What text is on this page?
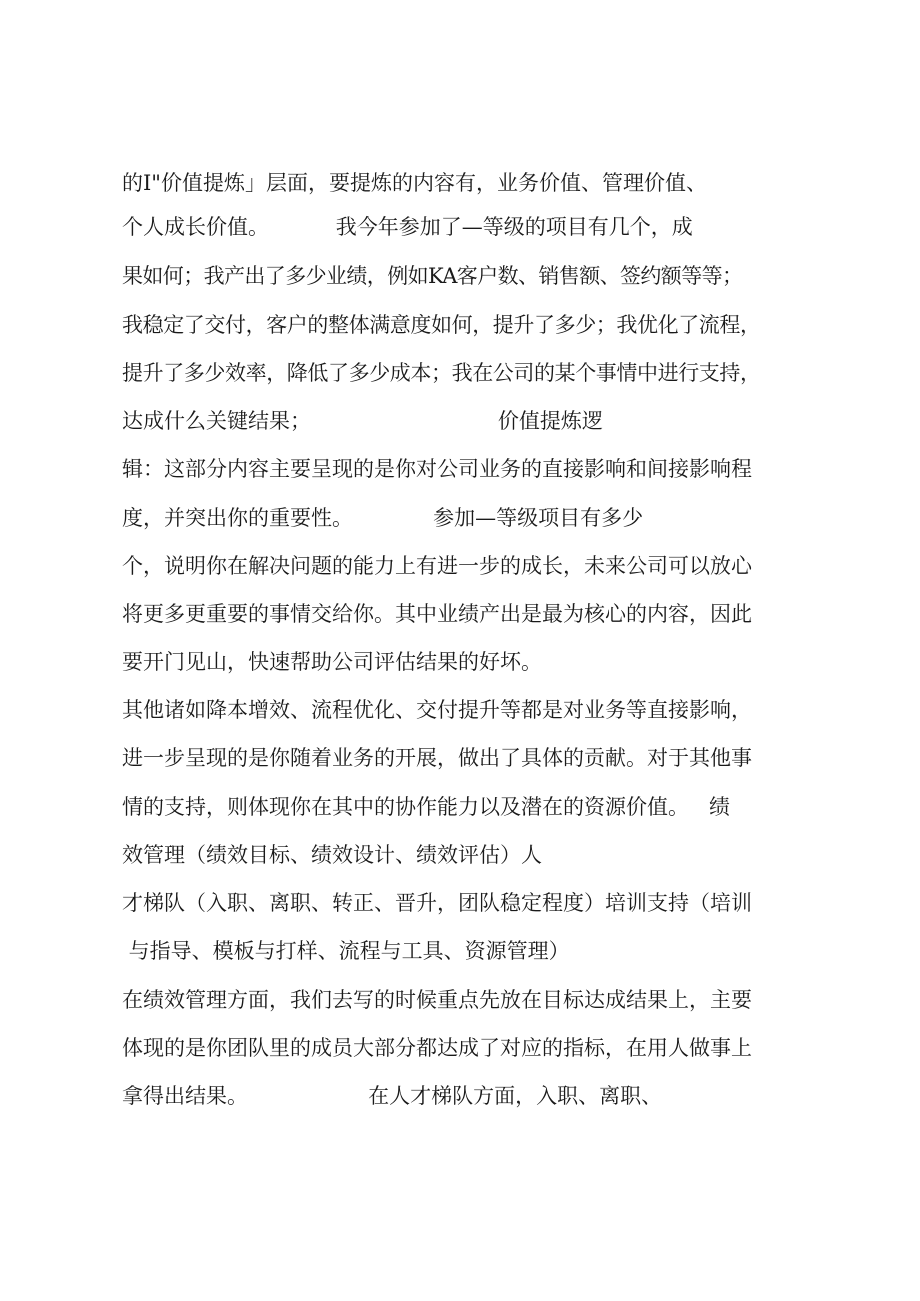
的I"价值提炼」层面，要提炼的内容有，业务价值、管理价值、
个人成长价值。          我今年参加了—等级的项目有几个，成
果如何；我产出了多少业绩，例如KA客户数、销售额、签约额等等；
我稳定了交付，客户的整体满意度如何，提升了多少；我优化了流程，
提升了多少效率，降低了多少成本；我在公司的某个事情中进行支持，
达成什么关键结果；                            价值提炼逻
辑：这部分内容主要呈现的是你对公司业务的直接影响和间接影响程
度，并突出你的重要性。            参加—等级项目有多少
个，说明你在解决问题的能力上有进一步的成长，未来公司可以放心
将更多更重要的事情交给你。其中业绩产出是最为核心的内容，因此
要开门见山，快速帮助公司评估结果的好坏。
其他诸如降本增效、流程优化、交付提升等都是对业务等直接影响，
进一步呈现的是你随着业务的开展，做出了具体的贡献。对于其他事
情的支持，则体现你在其中的协作能力以及潜在的资源价值。   绩
效管理（绩效目标、绩效设计、绩效评估）人
才梯队（入职、离职、转正、晋升，团队稳定程度）培训支持（培训
与指导、模板与打样、流程与工具、资源管理）
在绩效管理方面，我们去写的时候重点先放在目标达成结果上，主要
体现的是你团队里的成员大部分都达成了对应的指标，在用人做事上
拿得出结果。                  在人才梯队方面，入职、离职、
